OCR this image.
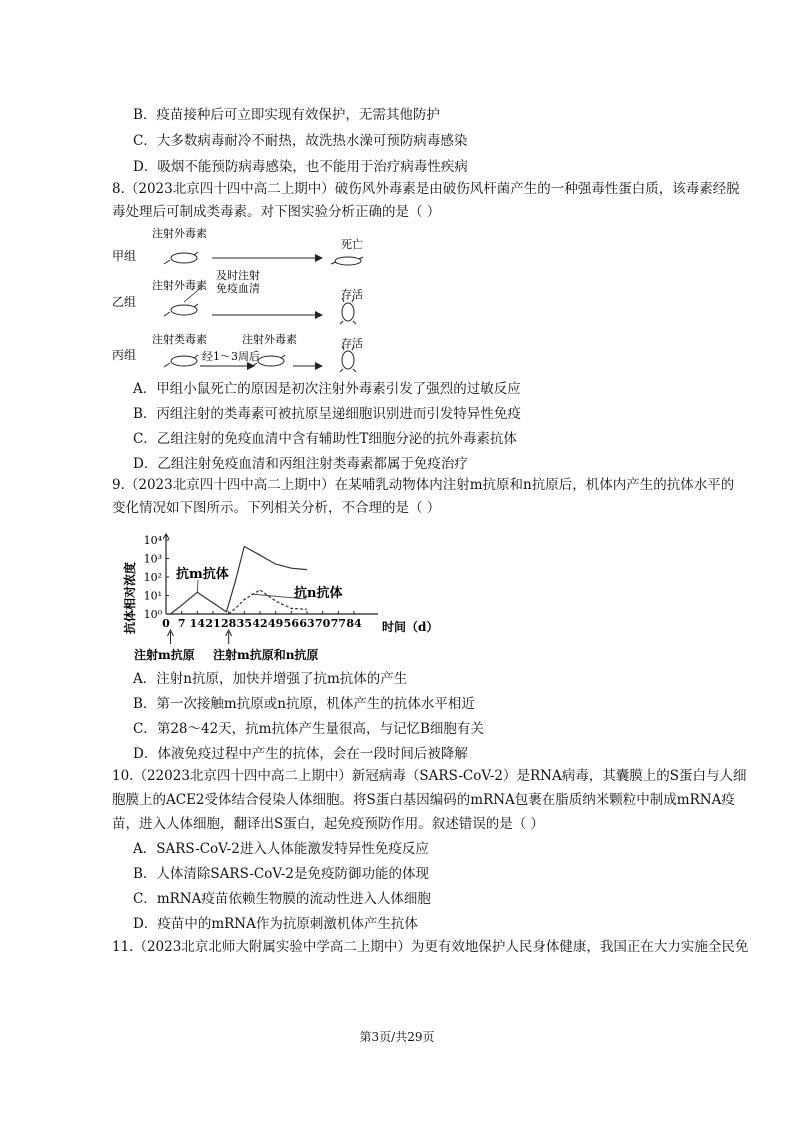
B．疫苗接种后可立即实现有效保护，无需其他防护
C．大多数病毒耐冷不耐热，故洗热水澡可预防病毒感染
D．吸烟不能预防病毒感染，也不能用于治疗病毒性疾病
8.（2023北京四十四中高二上期中）破伤风外毒素是由破伤风杆菌产生的一种强毒性蛋白质，该毒素经脱
毒处理后可制成类毒素。对下图实验分析正确的是（ ）
甲组
注射外毒素
死亡
乙组
注射外毒素
及时注射
免疫血清	存活
丙组
注射类毒素
经1～3周后
注射外毒素	存活
A．甲组小鼠死亡的原因是初次注射外毒素引发了强烈的过敏反应
B．丙组注射的类毒素可被抗原呈递细胞识别进而引发特异性免疫
C．乙组注射的免疫血清中含有辅助性T细胞分泌的抗外毒素抗体
D．乙组注射免疫血清和丙组注射类毒素都属于免疫治疗
9.（2023北京四十四中高二上期中）在某哺乳动物体内注射m抗原和n抗原后，机体内产生的抗体水平的
变化情况如下图所示。下列相关分析，不合理的是（ ）
抗体相对浓度 10⁰
10¹
10²
10³
10⁴
0 7 14 21 28 35 42 49 56 63 70 77 84 时间（d）
抗m抗体
抗n抗体
注射m抗原 注射m抗原和n抗原
A．注射n抗原，加快并增强了抗m抗体的产生
B．第一次接触m抗原或n抗原，机体产生的抗体水平相近
C．第28～42天，抗m抗体产生量很高，与记忆B细胞有关
D．体液免疫过程中产生的抗体，会在一段时间后被降解
10.（22023北京四十四中高二上期中）新冠病毒（SARS-CoV-2）是RNA病毒，其囊膜上的S蛋白与人细
胞膜上的ACE2受体结合侵染人体细胞。将S蛋白基因编码的mRNA包裹在脂质纳米颗粒中制成mRNA疫
苗，进入人体细胞，翻译出S蛋白，起免疫预防作用。叙述错误的是（ ）
A．SARS-CoV-2进入人体能激发特异性免疫反应
B．人体清除SARS-CoV-2是免疫防御功能的体现
C．mRNA疫苗依赖生物膜的流动性进入人体细胞
D．疫苗中的mRNA作为抗原刺激机体产生抗体
11.（2023北京北师大附属实验中学高二上期中）为更有效地保护人民身体健康，我国正在大力实施全民免
第3页/共29页
